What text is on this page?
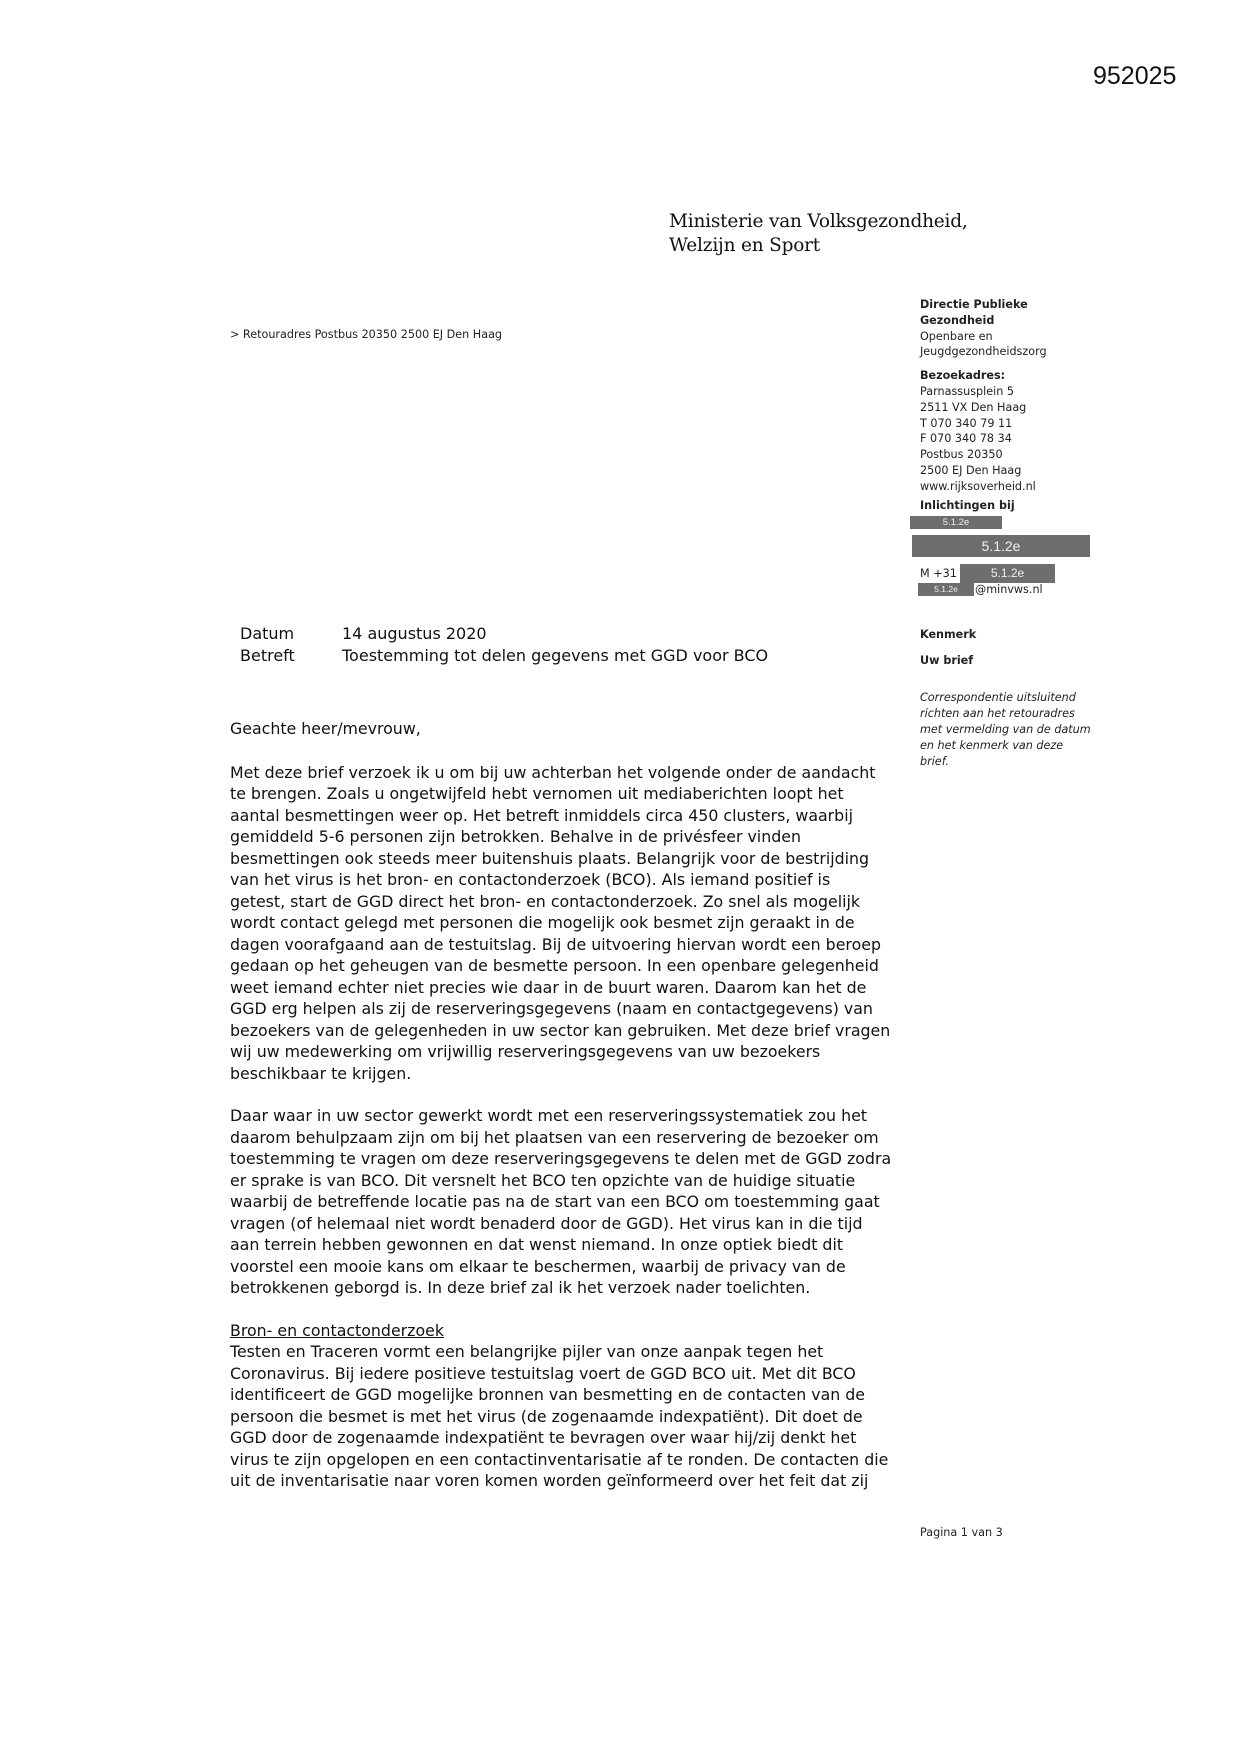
952025
Ministerie van Volksgezondheid,
Welzijn en Sport
> Retouradres Postbus 20350 2500 EJ Den Haag
Directie Publieke
Gezondheid
Openbare en
Jeugdgezondheidszorg
Bezoekadres:
Parnassusplein 5
2511 VX Den Haag
T 070 340 79 11
F 070 340 78 34
Postbus 20350
2500 EJ Den Haag
www.rijksoverheid.nl
Inlichtingen bij
5.1.2e
5.1.2e
M +31	5.1.2e
5.1.2e	@minvws.nl
Datum	14 augustus 2020
Betreft	Toestemming tot delen gegevens met GGD voor BCO
Kenmerk
Uw brief
Correspondentie uitsluitend
richten aan het retouradres
met vermelding van de datum
en het kenmerk van deze
brief.

Geachte heer/mevrouw,

Met deze brief verzoek ik u om bij uw achterban het volgende onder de aandacht
te brengen. Zoals u ongetwijfeld hebt vernomen uit mediaberichten loopt het
aantal besmettingen weer op. Het betreft inmiddels circa 450 clusters, waarbij
gemiddeld 5-6 personen zijn betrokken. Behalve in de privésfeer vinden
besmettingen ook steeds meer buitenshuis plaats. Belangrijk voor de bestrijding
van het virus is het bron- en contactonderzoek (BCO). Als iemand positief is
getest, start de GGD direct het bron- en contactonderzoek. Zo snel als mogelijk
wordt contact gelegd met personen die mogelijk ook besmet zijn geraakt in de
dagen voorafgaand aan de testuitslag. Bij de uitvoering hiervan wordt een beroep
gedaan op het geheugen van de besmette persoon. In een openbare gelegenheid
weet iemand echter niet precies wie daar in de buurt waren. Daarom kan het de
GGD erg helpen als zij de reserveringsgegevens (naam en contactgegevens) van
bezoekers van de gelegenheden in uw sector kan gebruiken. Met deze brief vragen
wij uw medewerking om vrijwillig reserveringsgegevens van uw bezoekers
beschikbaar te krijgen.
Daar waar in uw sector gewerkt wordt met een reserveringssystematiek zou het
daarom behulpzaam zijn om bij het plaatsen van een reservering de bezoeker om
toestemming te vragen om deze reserveringsgegevens te delen met de GGD zodra
er sprake is van BCO. Dit versnelt het BCO ten opzichte van de huidige situatie
waarbij de betreffende locatie pas na de start van een BCO om toestemming gaat
vragen (of helemaal niet wordt benaderd door de GGD). Het virus kan in die tijd
aan terrein hebben gewonnen en dat wenst niemand. In onze optiek biedt dit
voorstel een mooie kans om elkaar te beschermen, waarbij de privacy van de
betrokkenen geborgd is. In deze brief zal ik het verzoek nader toelichten.
Bron- en contactonderzoek
Testen en Traceren vormt een belangrijke pijler van onze aanpak tegen het
Coronavirus. Bij iedere positieve testuitslag voert de GGD BCO uit. Met dit BCO
identificeert de GGD mogelijke bronnen van besmetting en de contacten van de
persoon die besmet is met het virus (de zogenaamde indexpatiënt). Dit doet de
GGD door de zogenaamde indexpatiënt te bevragen over waar hij/zij denkt het
virus te zijn opgelopen en een contactinventarisatie af te ronden. De contacten die
uit de inventarisatie naar voren komen worden geïnformeerd over het feit dat zij
Pagina 1 van 3
